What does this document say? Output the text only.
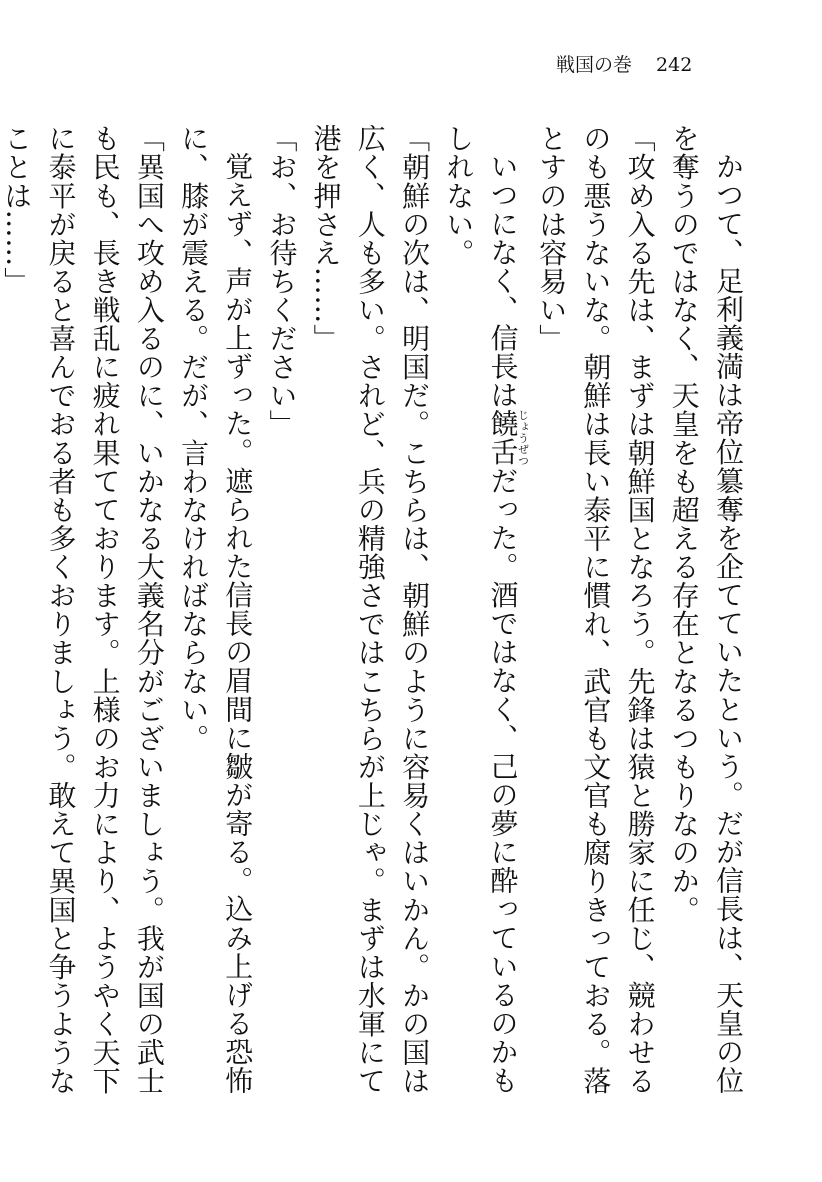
戦国の巻 242

かつて、足利義満は帝位簒奪を企てていたという。だが信長は、天皇の位を奪うのではなく、天皇をも超える存在となるつもりなのか。

「攻め入る先は、まずは朝鮮国となろう。先鋒は猿と勝家に任じ、競わせるのも悪うないな。朝鮮は長い泰平に慣れ、武官も文官も腐りきっておる。落とすのは容易い」

いつになく、信長は饒舌じょうぜつだった。酒ではなく、己の夢に酔っているのかもしれない。

「朝鮮の次は、明国だ。こちらは、朝鮮のように容易くはいかん。かの国は広く、人も多い。されど、兵の精強さではこちらが上じゃ。まずは水軍にて港を押さえ……」

「お、お待ちください」

覚えず、声が上ずった。遮られた信長の眉間に皺が寄る。込み上げる恐怖に、膝が震える。だが、言わなければならない。

「異国へ攻め入るのに、いかなる大義名分がございましょう。我が国の武士も民も、長き戦乱に疲れ果てております。上様のお力により、ようやく天下に泰平が戻ると喜んでおる者も多くおりましょう。敢えて異国と争うようなことは……」
